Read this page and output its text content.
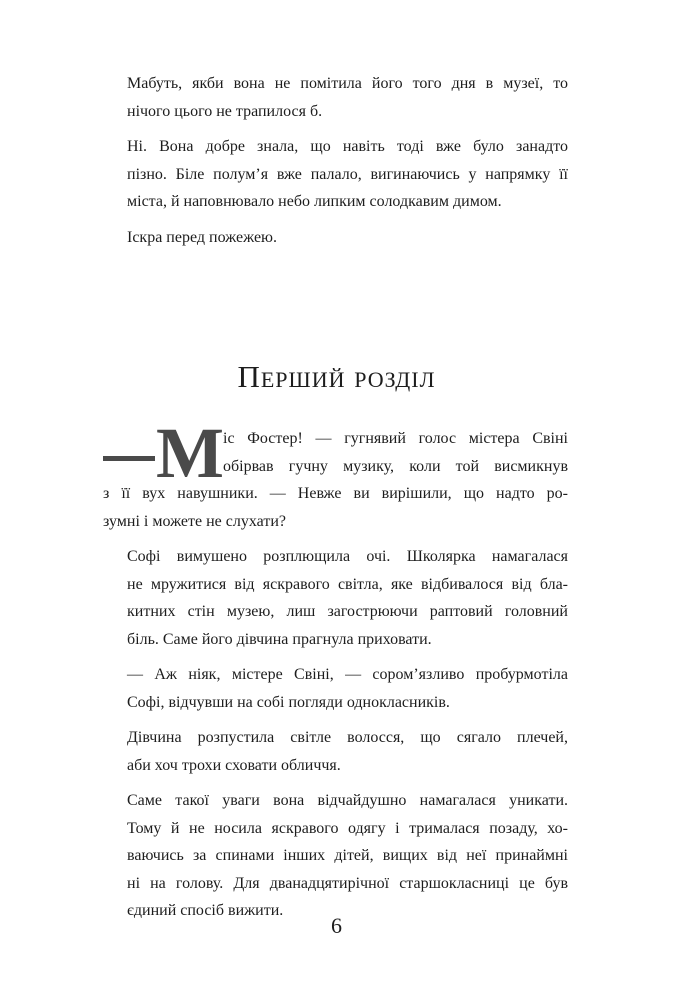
Мабуть, якби вона не помітила його того дня в музеї, то
нічого цього не трапилося б.

Ні. Вона добре знала, що навіть тоді вже було занадто
пізно. Біле полум’я вже палало, вигинаючись у напрямку її
міста, й наповнювало небо липким солодкавим димом.

Іскра перед пожежею.

Перший розділ
М іс Фостер! — гугнявий голос містера Свіні
обірвав гучну музику, коли той висмикнув
з її вух навушники. — Невже ви вирішили, що надто ро-
зумні і можете не слухати?

Софі вимушено розплющила очі. Школярка намагалася
не мружитися від яскравого світла, яке відбивалося від бла-
китних стін музею, лиш загострюючи раптовий головний
біль. Саме його дівчина прагнула приховати.

— Аж ніяк, містере Свіні, — сором’язливо пробурмотіла
Софі, відчувши на собі погляди однокласників.

Дівчина розпустила світле волосся, що сягало плечей,
аби хоч трохи сховати обличчя.

Саме такої уваги вона відчайдушно намагалася уникати.
Тому й не носила яскравого одягу і трималася позаду, хо-
ваючись за спинами інших дітей, вищих від неї принаймні
ні на голову. Для дванадцятирічної старшокласниці це був
єдиний спосіб вижити.

6
